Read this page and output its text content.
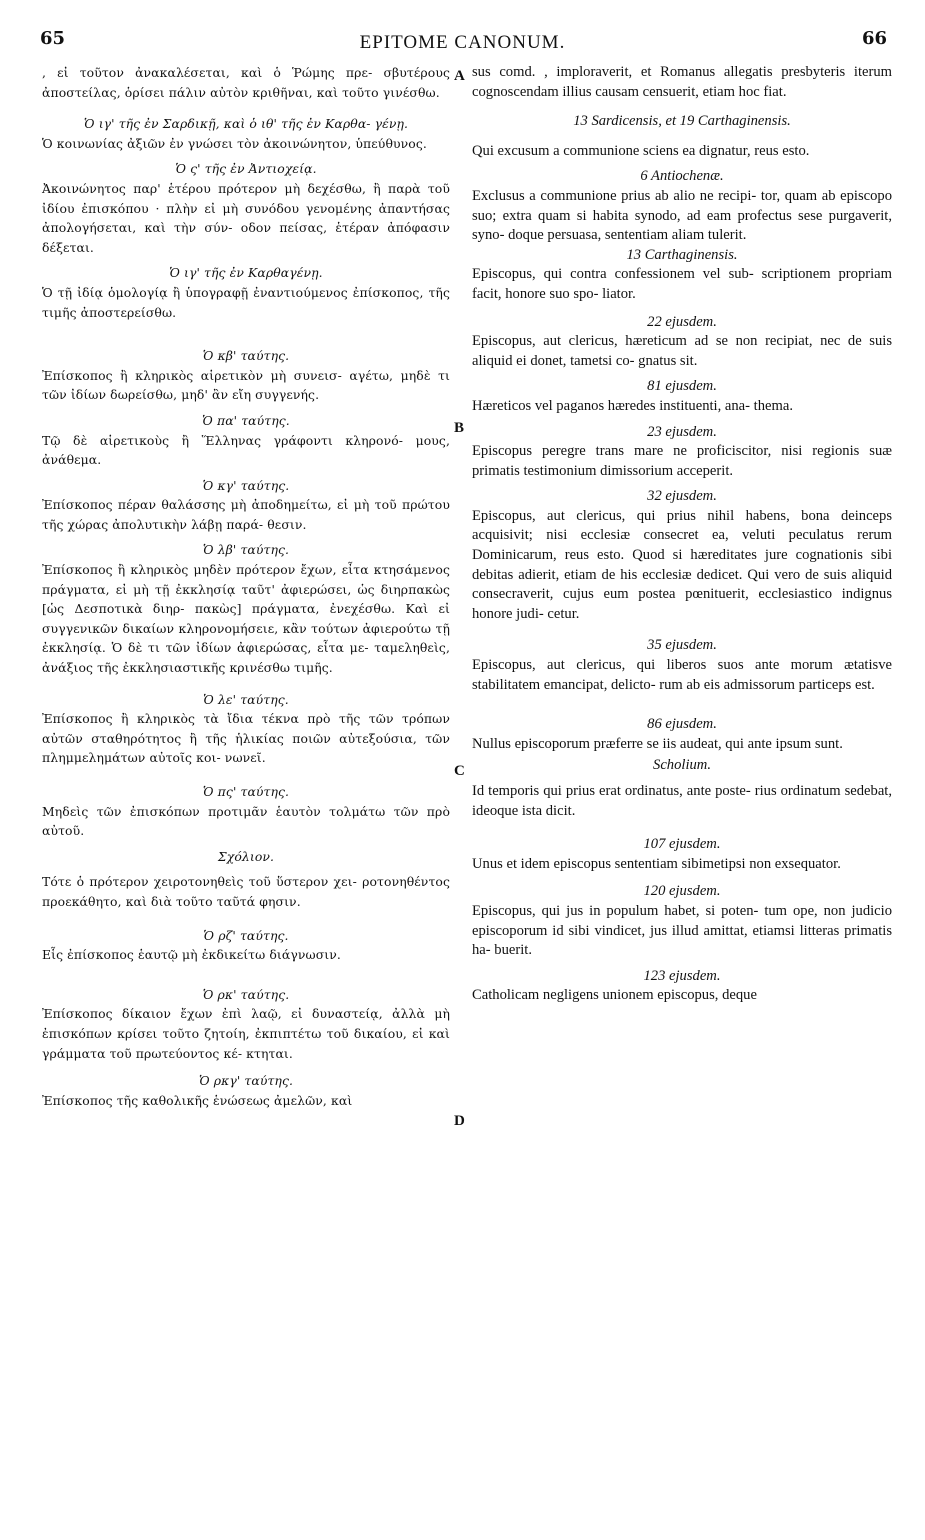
65	EPITOME CANONUM.	66
A
B
C
D
, εἰ τοῦτον ἀνακαλέσεται, καὶ ὁ Ῥώμης πρε- σβυτέρους ἀποστείλας, ὁρίσει πάλιν αὐτὸν κριθῆναι, καὶ τοῦτο γινέσθω.
Ὁ ιγ' τῆς ἐν Σαρδικῇ, καὶ ὁ ιθ' τῆς ἐν Καρθα- γένῃ.
Ὁ κοινωνίας ἀξιῶν ἐν γνώσει τὸν ἀκοινώνητον, ὑπεύθυνος.
Ὁ ς' τῆς ἐν Ἀντιοχείᾳ.
Ἀκοινώνητος παρ' ἑτέρου πρότερον μὴ δεχέσθω, ἢ παρὰ τοῦ ἰδίου ἐπισκόπου · πλὴν εἰ μὴ συνόδου γενομένης ἀπαντήσας ἀπολογήσεται, καὶ τὴν σύν- οδον πείσας, ἑτέραν ἀπόφασιν δέξεται.
Ὁ ιγ' τῆς ἐν Καρθαγένῃ.
Ὁ τῇ ἰδίᾳ ὁμολογίᾳ ἢ ὑπογραφῇ ἐναντιούμενος ἐπίσκοπος, τῆς τιμῆς ἀποστερείσθω.
Ὁ κβ' ταύτης.
Ἐπίσκοπος ἢ κληρικὸς αἱρετικὸν μὴ συνεισ- αγέτω, μηδὲ τι τῶν ἰδίων δωρείσθω, μηδ' ἂν εἴη συγγενής.
Ὁ πα' ταύτης.
Τῷ δὲ αἱρετικοὺς ἢ Ἕλληνας γράφοντι κληρονό- μους, ἀνάθεμα.
Ὁ κγ' ταύτης.
Ἐπίσκοπος πέραν θαλάσσης μὴ ἀποδημείτω, εἰ μὴ τοῦ πρώτου τῆς χώρας ἀπολυτικὴν λάβῃ παρά- θεσιν.
Ὁ λβ' ταύτης.
Ἐπίσκοπος ἢ κληρικὸς μηδὲν πρότερον ἔχων, εἶτα κτησάμενος πράγματα, εἰ μὴ τῇ ἐκκλησίᾳ ταῦτ' ἀφιερώσει, ὡς διηρπακὼς [ὡς Δεσποτικὰ διηρ- πακὼς] πράγματα, ἐνεχέσθω. Καὶ εἰ συγγενικῶν δικαίων κληρονομήσειε, κἂν τούτων ἀφιερούτω τῇ ἐκκλησίᾳ. Ὁ δὲ τι τῶν ἰδίων ἀφιερώσας, εἶτα με- ταμεληθεὶς, ἀνάξιος τῆς ἐκκλησιαστικῆς κρινέσθω τιμῆς.
Ὁ λε' ταύτης.
Ἐπίσκοπος ἢ κληρικὸς τὰ ἴδια τέκνα πρὸ τῆς τῶν τρόπων αὐτῶν σταθηρότητος ἢ τῆς ἡλικίας ποιῶν αὐτεξούσια, τῶν πλημμελημάτων αὐτοῖς κοι- νωνεῖ.
Ὁ πς' ταύτης.
Μηδεὶς τῶν ἐπισκόπων προτιμᾶν ἑαυτὸν τολμάτω τῶν πρὸ αὐτοῦ.
Σχόλιον.
Τότε ὁ πρότερον χειροτονηθεὶς τοῦ ὕστερον χει- ροτονηθέντος προεκάθητο, καὶ διὰ τοῦτο ταῦτά φησιν.
Ὁ ρζ' ταύτης.
Εἷς ἐπίσκοπος ἑαυτῷ μὴ ἐκδικείτω διάγνωσιν.
Ὁ ρκ' ταύτης.
Ἐπίσκοπος δίκαιον ἔχων ἐπὶ λαῷ, εἰ δυναστείᾳ, ἀλλὰ μὴ ἐπισκόπων κρίσει τοῦτο ζητοίη, ἐκπιπτέτω τοῦ δικαίου, εἰ καὶ γράμματα τοῦ πρωτεύοντος κέ- κτηται.
Ὁ ρκγ' ταύτης.
Ἐπίσκοπος τῆς καθολικῆς ἑνώσεως ἀμελῶν, καὶ
sus comd. , imploraverit, et Romanus allegatis presbyteris iterum cognoscendam illius causam censuerit, etiam hoc fiat.
13 Sardicensis, et 19 Carthaginensis.
Qui excusum a communione sciens ea dignatur, reus esto.
6 Antiochenæ.
Exclusus a communione prius ab alio ne recipi- tor, quam ab episcopo suo; extra quam si habita synodo, ad eam profectus sese purgaverit, syno- doque persuasa, sententiam aliam tulerit.
13 Carthaginensis.
Episcopus, qui contra confessionem vel sub- scriptionem propriam facit, honore suo spo- liator.
22 ejusdem.
Episcopus, aut clericus, hæreticum ad se non recipiat, nec de suis aliquid ei donet, tametsi co- gnatus sit.
81 ejusdem.
Hæreticos vel paganos hæredes instituenti, ana- thema.
23 ejusdem.
Episcopus peregre trans mare ne proficiscitor, nisi regionis suæ primatis testimonium dimissorium acceperit.
32 ejusdem.
Episcopus, aut clericus, qui prius nihil habens, bona deinceps acquisivit; nisi ecclesiæ consecret ea, veluti peculatus rerum Dominicarum, reus esto. Quod si hæreditates jure cognationis sibi debitas adierit, etiam de his ecclesiæ dedicet. Qui vero de suis aliquid consecraverit, cujus eum postea pœnituerit, ecclesiastico indignus honore judi- cetur.
35 ejusdem.
Episcopus, aut clericus, qui liberos suos ante morum ætatisve stabilitatem emancipat, delicto- rum ab eis admissorum particeps est.
86 ejusdem.
Nullus episcoporum præferre se iis audeat, qui ante ipsum sunt.
Scholium.
Id temporis qui prius erat ordinatus, ante poste- rius ordinatum sedebat, ideoque ista dicit.
107 ejusdem.
Unus et idem episcopus sententiam sibimetipsi non exsequator.
120 ejusdem.
Episcopus, qui jus in populum habet, si poten- tum ope, non judicio episcoporum id sibi vindicet, jus illud amittat, etiamsi litteras primatis ha- buerit.
123 ejusdem.
Catholicam negligens unionem episcopus, deque
